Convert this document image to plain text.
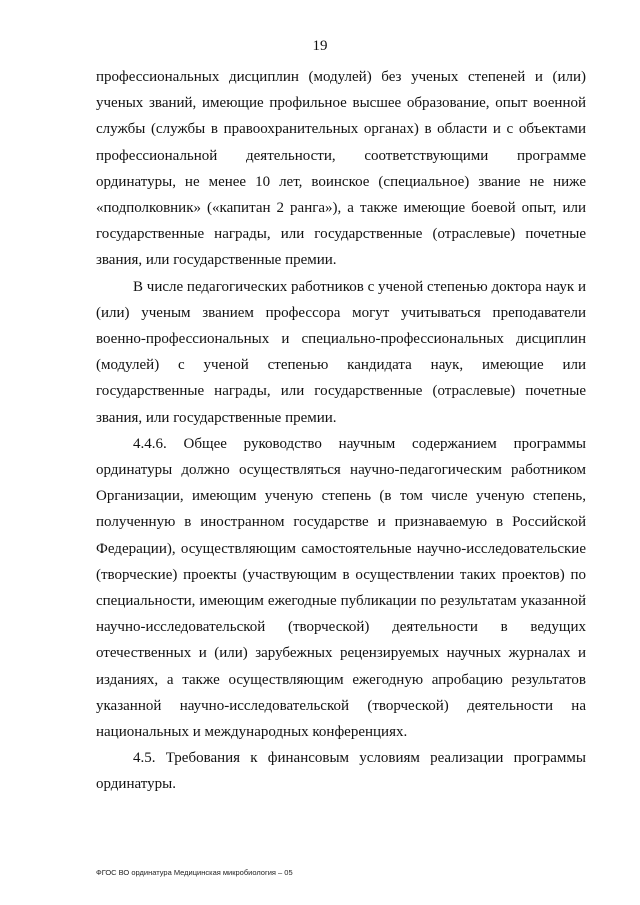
19

профессиональных дисциплин (модулей) без ученых степеней и (или) ученых званий, имеющие профильное высшее образование, опыт военной службы (службы в правоохранительных органах) в области и с объектами профессиональной деятельности, соответствующими программе ординатуры, не менее 10 лет, воинское (специальное) звание не ниже «подполковник» («капитан 2 ранга»), а также имеющие боевой опыт, или государственные награды, или государственные (отраслевые) почетные звания, или государственные премии.

В числе педагогических работников с ученой степенью доктора наук и (или) ученым званием профессора могут учитываться преподаватели военно-профессиональных и специально-профессиональных дисциплин (модулей) с ученой степенью кандидата наук, имеющие или государственные награды, или государственные (отраслевые) почетные звания, или государственные премии.

4.4.6. Общее руководство научным содержанием программы ординатуры должно осуществляться научно-педагогическим работником Организации, имеющим ученую степень (в том числе ученую степень, полученную в иностранном государстве и признаваемую в Российской Федерации), осуществляющим самостоятельные научно-исследовательские (творческие) проекты (участвующим в осуществлении таких проектов) по специальности, имеющим ежегодные публикации по результатам указанной научно-исследовательской (творческой) деятельности в ведущих отечественных и (или) зарубежных рецензируемых научных журналах и изданиях, а также осуществляющим ежегодную апробацию результатов указанной научно-исследовательской (творческой) деятельности на национальных и международных конференциях.

4.5. Требования к финансовым условиям реализации программы ординатуры.

ФГОС ВО ординатура Медицинская микробиология – 05
